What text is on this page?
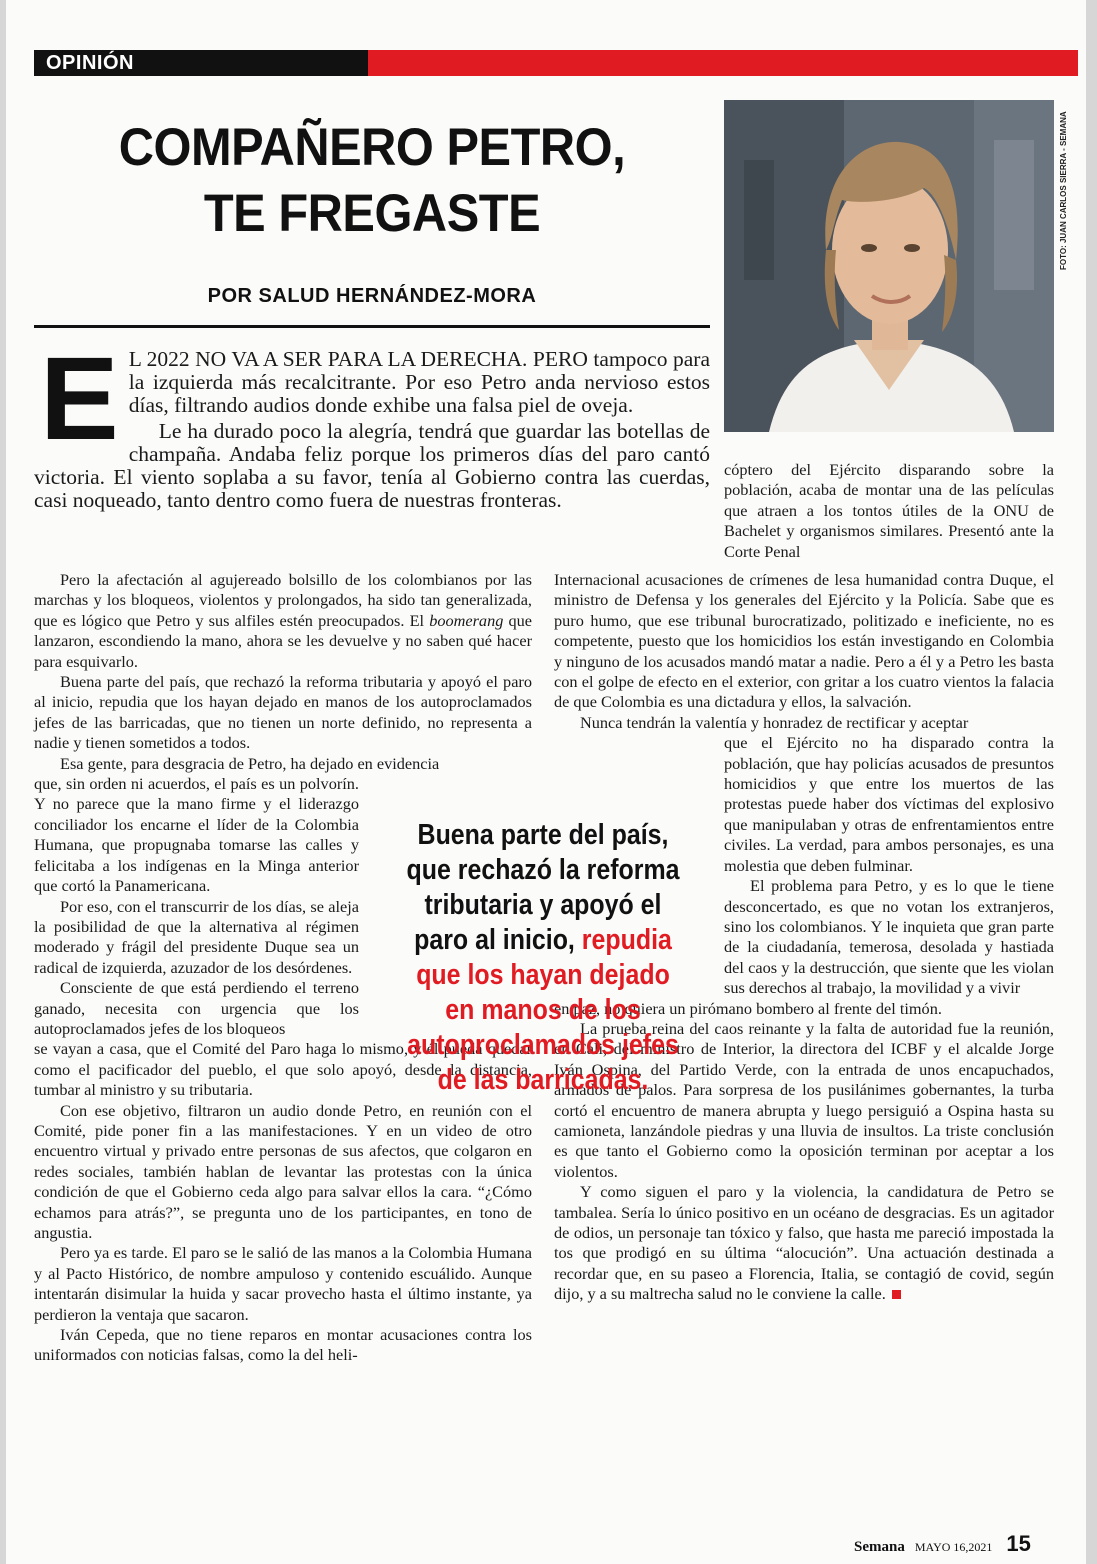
OPINIÓN
COMPAÑERO PETRO,
TE FREGASTE
POR SALUD HERNÁNDEZ-MORA
FOTO: JUAN CARLOS SIERRA - SEMANA
E L 2022 NO VA A SER PARA LA DERECHA. PERO tampoco para la izquierda más recalcitrante. Por eso Petro anda nervioso estos días, filtrando audios donde exhibe una falsa piel de oveja.

Le ha durado poco la alegría, tendrá que guardar las botellas de champaña. Andaba feliz porque los primeros días del paro cantó victoria. El viento soplaba a su favor, tenía al Gobierno contra las cuerdas, casi noqueado, tanto dentro como fuera de nuestras fronteras.

cóptero del Ejército disparando sobre la población, acaba de montar una de las películas que atraen a los tontos útiles de la ONU de Bachelet y organismos similares. Presentó ante la Corte Penal

Pero la afectación al agujereado bolsillo de los colombianos por las marchas y los bloqueos, violentos y prolongados, ha sido tan generalizada, que es lógico que Petro y sus alfiles estén preocupados. El boomerang que lanzaron, escondiendo la mano, ahora se les devuelve y no saben qué hacer para esquivarlo.

Buena parte del país, que rechazó la reforma tributaria y apoyó el paro al inicio, repudia que los hayan dejado en manos de los autoproclamados jefes de las barricadas, que no tienen un norte definido, no representa a nadie y tienen sometidos a todos.

Esa gente, para desgracia de Petro, ha dejado en evidencia

que, sin orden ni acuerdos, el país es un polvorín. Y no parece que la mano firme y el liderazgo conciliador los encarne el líder de la Colombia Humana, que propugnaba tomarse las calles y felicitaba a los indígenas en la Minga anterior que cortó la Panamericana.

Por eso, con el transcurrir de los días, se aleja la posibilidad de que la alternativa al régimen moderado y frágil del presidente Duque sea un radical de izquierda, azuzador de los desórdenes.

Consciente de que está perdiendo el terreno ganado, necesita con urgencia que los autoproclamados jefes de los bloqueos

se vayan a casa, que el Comité del Paro haga lo mismo, y él pueda quedar como el pacificador del pueblo, el que solo apoyó, desde la distancia, tumbar al ministro y su tributaria.

Con ese objetivo, filtraron un audio donde Petro, en reunión con el Comité, pide poner fin a las manifestaciones. Y en un video de otro encuentro virtual y privado entre personas de sus afectos, que colgaron en redes sociales, también hablan de levantar las protestas con la única condición de que el Gobierno ceda algo para salvar ellos la cara. “¿Cómo echamos para atrás?”, se pregunta uno de los participantes, en tono de angustia.

Pero ya es tarde. El paro se le salió de las manos a la Colombia Humana y al Pacto Histórico, de nombre ampuloso y contenido escuálido. Aunque intentarán disimular la huida y sacar provecho hasta el último instante, ya perdieron la ventaja que sacaron.

Iván Cepeda, que no tiene reparos en montar acusaciones contra los uniformados con noticias falsas, como la del heli-

Internacional acusaciones de crímenes de lesa humanidad contra Duque, el ministro de Defensa y los generales del Ejército y la Policía. Sabe que es puro humo, que ese tribunal burocratizado, politizado e ineficiente, no es competente, puesto que los homicidios los están investigando en Colombia y ninguno de los acusados mandó matar a nadie. Pero a él y a Petro les basta con el golpe de efecto en el exterior, con gritar a los cuatro vientos la falacia de que Colombia es una dictadura y ellos, la salvación.

Nunca tendrán la valentía y honradez de rectificar y aceptar

que el Ejército no ha disparado contra la población, que hay policías acusados de presuntos homicidios y que entre los muertos de las protestas puede haber dos víctimas del explosivo que manipulaban y otras de enfrentamientos entre civiles. La verdad, para ambos personajes, es una molestia que deben fulminar.

El problema para Petro, y es lo que le tiene desconcertado, es que no votan los extranjeros, sino los colombianos. Y le inquieta que gran parte de la ciudadanía, temerosa, desolada y hastiada del caos y la destrucción, que siente que les violan sus derechos al trabajo, la movilidad y a vivir

en paz, no quiera un pirómano bombero al frente del timón.

La prueba reina del caos reinante y la falta de autoridad fue la reunión, en Cali, del ministro de Interior, la directora del ICBF y el alcalde Jorge Iván Ospina, del Partido Verde, con la entrada de unos encapuchados, armados de palos. Para sorpresa de los pusilánimes gobernantes, la turba cortó el encuentro de manera abrupta y luego persiguió a Ospina hasta su camioneta, lanzándole piedras y una lluvia de insultos. La triste conclusión es que tanto el Gobierno como la oposición terminan por aceptar a los violentos.

Y como siguen el paro y la violencia, la candidatura de Petro se tambalea. Sería lo único positivo en un océano de desgracias. Es un agitador de odios, un personaje tan tóxico y falso, que hasta me pareció impostada la tos que prodigó en su última “alocución”. Una actuación destinada a recordar que, en su paseo a Florencia, Italia, se contagió de covid, según dijo, y a su maltrecha salud no le conviene la calle.

Buena parte del país, que rechazó la reforma tributaria y apoyó el paro al inicio, repudia que los hayan dejado en manos de los autoproclamados jefes de las barricadas.
Semana MAYO 16,2021 15
